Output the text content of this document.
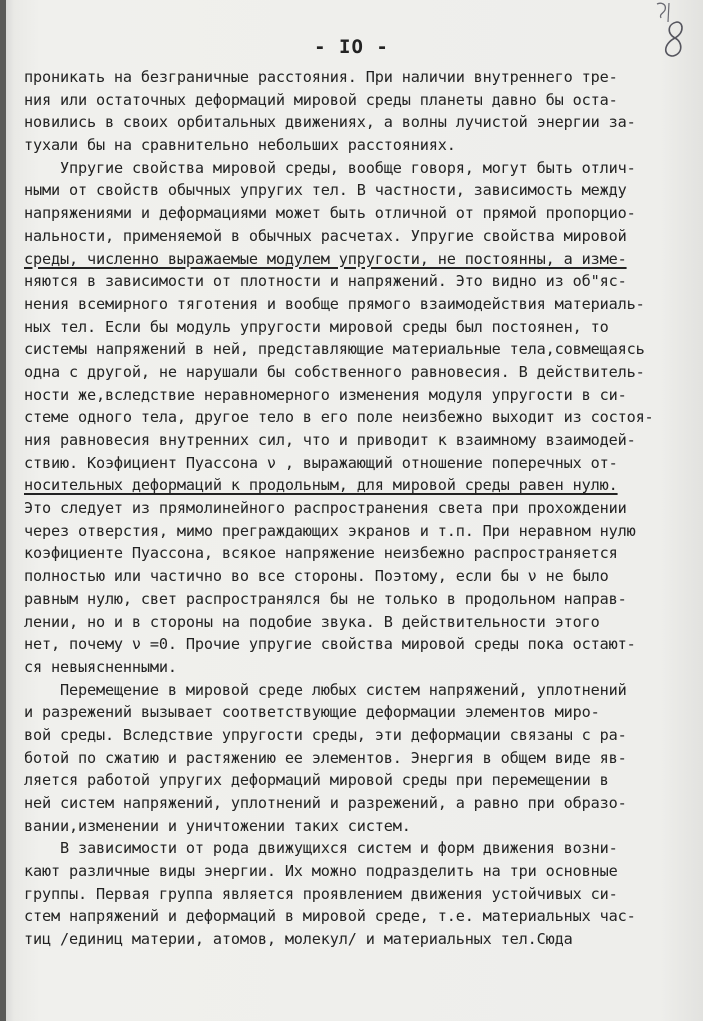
- IO -
проникать на безграничные расстояния. При наличии внутреннего тре-
ния или остаточных деформаций мировой среды планеты давно бы оста-
новились в своих орбитальных движениях, а волны лучистой энергии за-
тухали бы на сравнительно небольших расстояниях.
Упругие свойства мировой среды, вообще говоря, могут быть отлич-
ными от свойств обычных упругих тел. В частности, зависимость между
напряжениями и деформациями может быть отличной от прямой пропорцио-
нальности, применяемой в обычных расчетах. Упругие свойства мировой
среды, численно выражаемые модулем упругости, не постоянны, а изме-
няются в зависимости от плотности и напряжений. Это видно из об"яс-
нения всемирного тяготения и вообще прямого взаимодействия материаль-
ных тел. Если бы модуль упругости мировой среды был постоянен, то
системы напряжений в ней, представляющие материальные тела,совмещаясь
одна с другой, не нарушали бы собственного равновесия. В действитель-
ности же,вследствие неравномерного изменения модуля упругости в си-
стеме одного тела, другое тело в его поле неизбежно выходит из состоя-
ния равновесия внутренних сил, что и приводит к взаимному взаимодей-
ствию. Коэфициент Пуассона ν , выражающий отношение поперечных от-
носительных деформаций к продольным, для мировой среды равен нулю.
Это следует из прямолинейного распространения света при прохождении
через отверстия, мимо преграждающих экранов и т.п. При неравном нулю
коэфициенте Пуассона, всякое напряжение неизбежно распространяется
полностью или частично во все стороны. Поэтому, если бы ν не было
равным нулю, свет распространялся бы не только в продольном направ-
лении, но и в стороны на подобие звука. В действительности этого
нет, почему ν =0. Прочие упругие свойства мировой среды пока остают-
ся невыясненными.
Перемещение в мировой среде любых систем напряжений, уплотнений
и разрежений вызывает соответствующие деформации элементов миро-
вой среды. Вследствие упругости среды, эти деформации связаны с ра-
ботой по сжатию и растяжению ее элементов. Энергия в общем виде яв-
ляется работой упругих деформаций мировой среды при перемещении в
ней систем напряжений, уплотнений и разрежений, а равно при образо-
вании,изменении и уничтожении таких систем.
В зависимости от рода движущихся систем и форм движения возни-
кают различные виды энергии. Их можно подразделить на три основные
группы. Первая группа является проявлением движения устойчивых си-
стем напряжений и деформаций в мировой среде, т.е. материальных час-
тиц /единиц материи, атомов, молекул/ и материальных тел.Сюда
